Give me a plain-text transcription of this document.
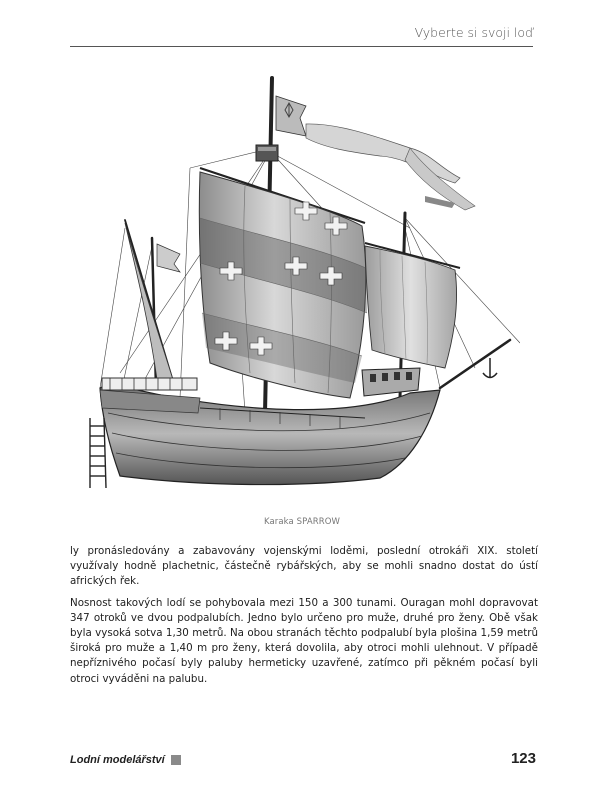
Vyberte si svoji loď
Karaka SPARROW

ly pronásledovány a zabavovány vojenskými loděmi, poslední otrokáři XIX. století využívaly hodně plachetnic, částečně rybářských, aby se mohli snadno dostat do ústí afrických řek.

Nosnost takových lodí se pohybovala mezi 150 a 300 tunami. Ouragan mohl dopravovat 347 otroků ve dvou podpalubích. Jedno bylo určeno pro muže, druhé pro ženy. Obě však byla vysoká sotva 1,30 metrů. Na obou stranách těchto podpalubí byla plošina 1,59 metrů široká pro muže a 1,40 m pro ženy, která dovolila, aby otroci mohli ulehnout. V případě nepříznivého počasí byly paluby hermeticky uzavřené, zatímco při pěkném počasí byli otroci vyváděni na palubu.

Lodní modelářství	123
